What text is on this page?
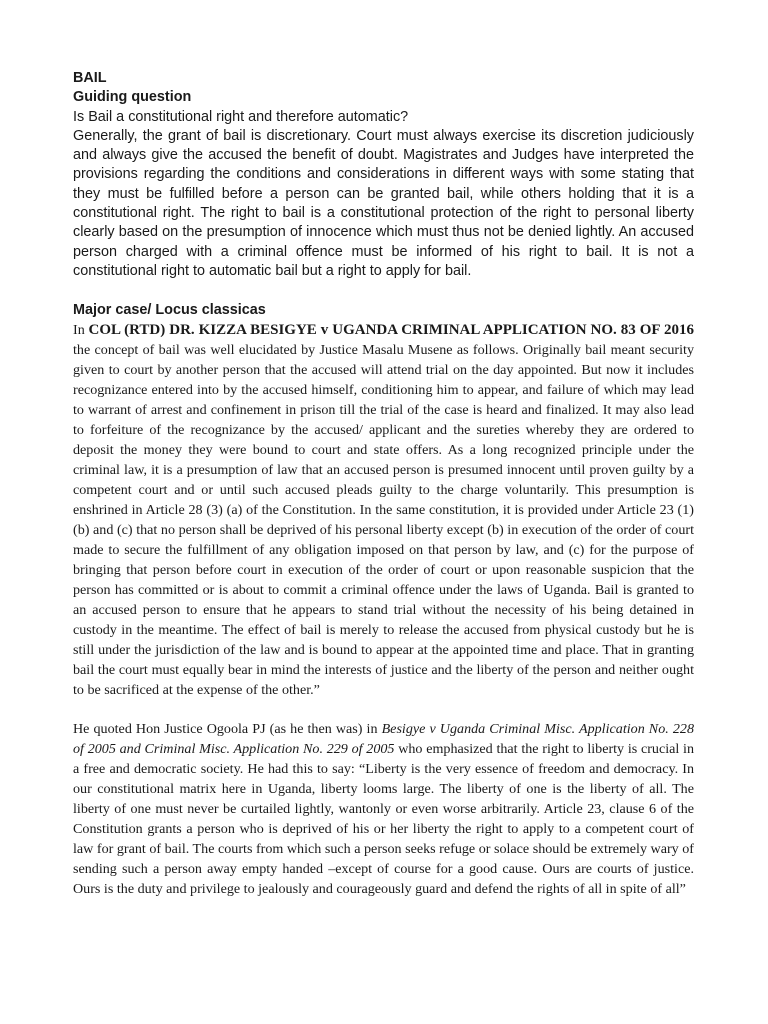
BAIL

Guiding question

Is Bail a constitutional right and therefore automatic?

Generally, the grant of bail is discretionary. Court must always exercise its discretion judiciously and always give the accused the benefit of doubt. Magistrates and Judges have interpreted the provisions regarding the conditions and considerations in different ways with some stating that they must be fulfilled before a person can be granted bail, while others holding that it is a constitutional right. The right to bail is a constitutional protection of the right to personal liberty clearly based on the presumption of innocence which must thus not be denied lightly. An accused person charged with a criminal offence must be informed of his right to bail. It is not a constitutional right to automatic bail but a right to apply for bail.

Major case/ Locus classicas

In COL (RTD) DR. KIZZA BESIGYE v UGANDA CRIMINAL APPLICATION NO. 83 OF 2016 the concept of bail was well elucidated by Justice Masalu Musene as follows. Originally bail meant security given to court by another person that the accused will attend trial on the day appointed. But now it includes recognizance entered into by the accused himself, conditioning him to appear, and failure of which may lead to warrant of arrest and confinement in prison till the trial of the case is heard and finalized. It may also lead to forfeiture of the recognizance by the accused/ applicant and the sureties whereby they are ordered to deposit the money they were bound to court and state offers. As a long recognized principle under the criminal law, it is a presumption of law that an accused person is presumed innocent until proven guilty by a competent court and or until such accused pleads guilty to the charge voluntarily. This presumption is enshrined in Article 28 (3) (a) of the Constitution. In the same constitution, it is provided under Article 23 (1) (b) and (c) that no person shall be deprived of his personal liberty except (b) in execution of the order of court made to secure the fulfillment of any obligation imposed on that person by law, and (c) for the purpose of bringing that person before court in execution of the order of court or upon reasonable suspicion that the person has committed or is about to commit a criminal offence under the laws of Uganda. Bail is granted to an accused person to ensure that he appears to stand trial without the necessity of his being detained in custody in the meantime. The effect of bail is merely to release the accused from physical custody but he is still under the jurisdiction of the law and is bound to appear at the appointed time and place. That in granting bail the court must equally bear in mind the interests of justice and the liberty of the person and neither ought to be sacrificed at the expense of the other.”

He quoted Hon Justice Ogoola PJ (as he then was) in Besigye v Uganda Criminal Misc. Application No. 228 of 2005 and Criminal Misc. Application No. 229 of 2005 who emphasized that the right to liberty is crucial in a free and democratic society. He had this to say: “Liberty is the very essence of freedom and democracy. In our constitutional matrix here in Uganda, liberty looms large. The liberty of one is the liberty of all. The liberty of one must never be curtailed lightly, wantonly or even worse arbitrarily. Article 23, clause 6 of the Constitution grants a person who is deprived of his or her liberty the right to apply to a competent court of law for grant of bail. The courts from which such a person seeks refuge or solace should be extremely wary of sending such a person away empty handed –except of course for a good cause. Ours are courts of justice. Ours is the duty and privilege to jealously and courageously guard and defend the rights of all in spite of all”
